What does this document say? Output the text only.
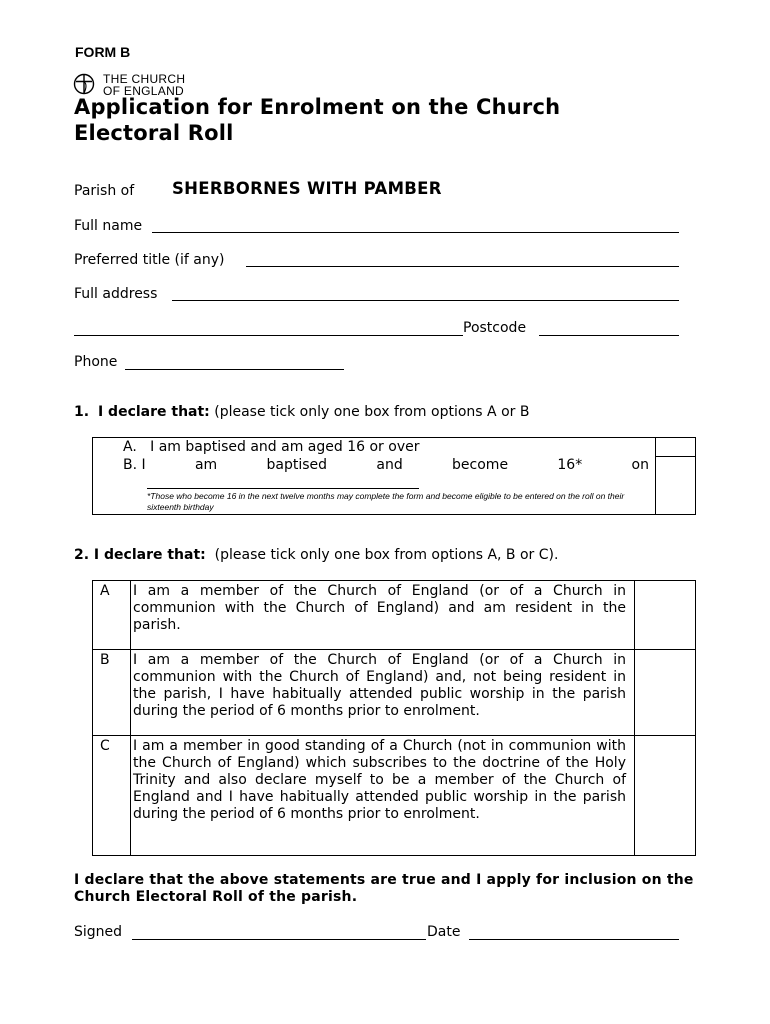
FORM B
THE CHURCH
OF ENGLAND
Application for Enrolment on the Church
Electoral Roll
Parish of SHERBORNES WITH PAMBER
Full name
Preferred title (if any)
Full address
Postcode
Phone
1. I declare that: (please tick only one box from options A or B
A.   I am baptised and am aged 16 or over
B. I	am	baptised	and	become	16*	on
*Those who become 16 in the next twelve months may complete the form and become eligible to be entered on the roll on their sixteenth birthday

2. I declare that: (please tick only one box from options A, B or C).
A	I am a member of the Church of England (or of a Church in communion with the Church of England) and am resident in the parish.	
B	I am a member of the Church of England (or of a Church in communion with the Church of England) and, not being resident in the parish, I have habitually attended public worship in the parish during the period of 6 months prior to enrolment.	
C	I am a member in good standing of a Church (not in communion with the Church of England) which subscribes to the doctrine of the Holy Trinity and also declare myself to be a member of the Church of England and I have habitually attended public worship in the parish during the period of 6 months prior to enrolment.	
I declare that the above statements are true and I apply for inclusion on the Church Electoral Roll of the parish.
Signed	Date
